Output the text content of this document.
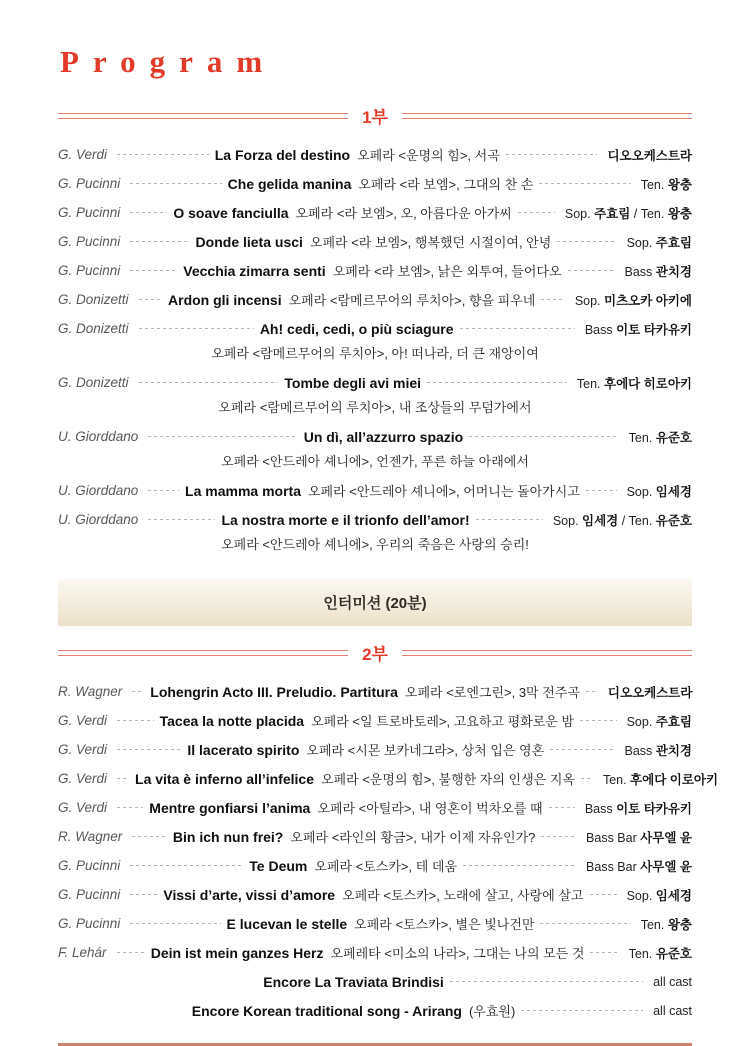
Program
1부
G. Verdi	La Forza del destino 오페라 <운명의 힘>, 서곡	디오오케스트라
G. Pucinni	Che gelida manina 오페라 <라 보엠>, 그대의 찬 손	Ten. 왕충
G. Pucinni	O soave fanciulla 오페라 <라 보엠>, 오, 아름다운 아가씨	Sop. 주효림 / Ten. 왕충
G. Pucinni	Donde lieta usci 오페라 <라 보엠>, 행복했던 시절이여, 안녕	Sop. 주효림
G. Pucinni	Vecchia zimarra senti 오페라 <라 보엠>, 낡은 외투여, 들어다오	Bass 관치경
G. Donizetti	Ardon gli incensi 오페라 <람메르무어의 루치아>, 향을 피우네	Sop. 미츠오카 아키에
G. Donizetti	Ah! cedi, cedi, o più sciagure	Bass 이토 타카유키
오페라 <람메르무어의 루치아>, 아! 떠나라, 더 큰 재앙이여
G. Donizetti	Tombe degli avi miei	Ten. 후에다 히로아키
오페라 <람메르무어의 루치아>, 내 조상들의 무덤가에서
U. Giorddano	Un dì, all’azzurro spazio	Ten. 유준호
오페라 <안드레아 셰니에>, 언젠가, 푸른 하늘 아래에서
U. Giorddano	La mamma morta 오페라 <안드레아 셰니에>, 어머니는 돌아가시고	Sop. 임세경
U. Giorddano	La nostra morte e il trionfo dell’amor!	Sop. 임세경 / Ten. 유준호
오페라 <안드레아 셰니에>, 우리의 죽음은 사랑의 승리!
인터미션 (20분)
2부
R. Wagner Lohengrin Acto III. Preludio. Partitura 오페라 <로엔그린>, 3막 전주곡	디오오케스트라
G. Verdi	Tacea la notte placida 오페라 <일 트로바토레>, 고요하고 평화로운 밤	Sop. 주효림
G. Verdi	Il lacerato spirito 오페라 <시몬 보카네그라>, 상처 입은 영혼	Bass 관치경
G. Verdi La vita è inferno all’infelice 오페라 <운명의 힘>, 불행한 자의 인생은 지옥	Ten. 후에다 이로아키
G. Verdi	Mentre gonfiarsi l’anima 오페라 <아틸라>, 내 영혼이 벅차오를 때	Bass 이토 타카유키
R. Wagner	Bin ich nun frei? 오페라 <라인의 황금>, 내가 이제 자유인가?	Bass Bar 사무엘 윤
G. Pucinni	Te Deum 오페라 <토스카>, 테 데움	Bass Bar 사무엘 윤
G. Pucinni	Vissi d’arte, vissi d’amore 오페라 <토스카>, 노래에 살고, 사랑에 살고	Sop. 임세경
G. Pucinni	E lucevan le stelle 오페라 <토스카>, 별은 빛나건만	Ten. 왕충
F. Lehár	Dein ist mein ganzes Herz 오페레타 <미소의 나라>, 그대는 나의 모든 것	Ten. 유준호
Encore La Traviata Brindisi	all cast
Encore Korean traditional song - Arirang (우효원)	all cast
